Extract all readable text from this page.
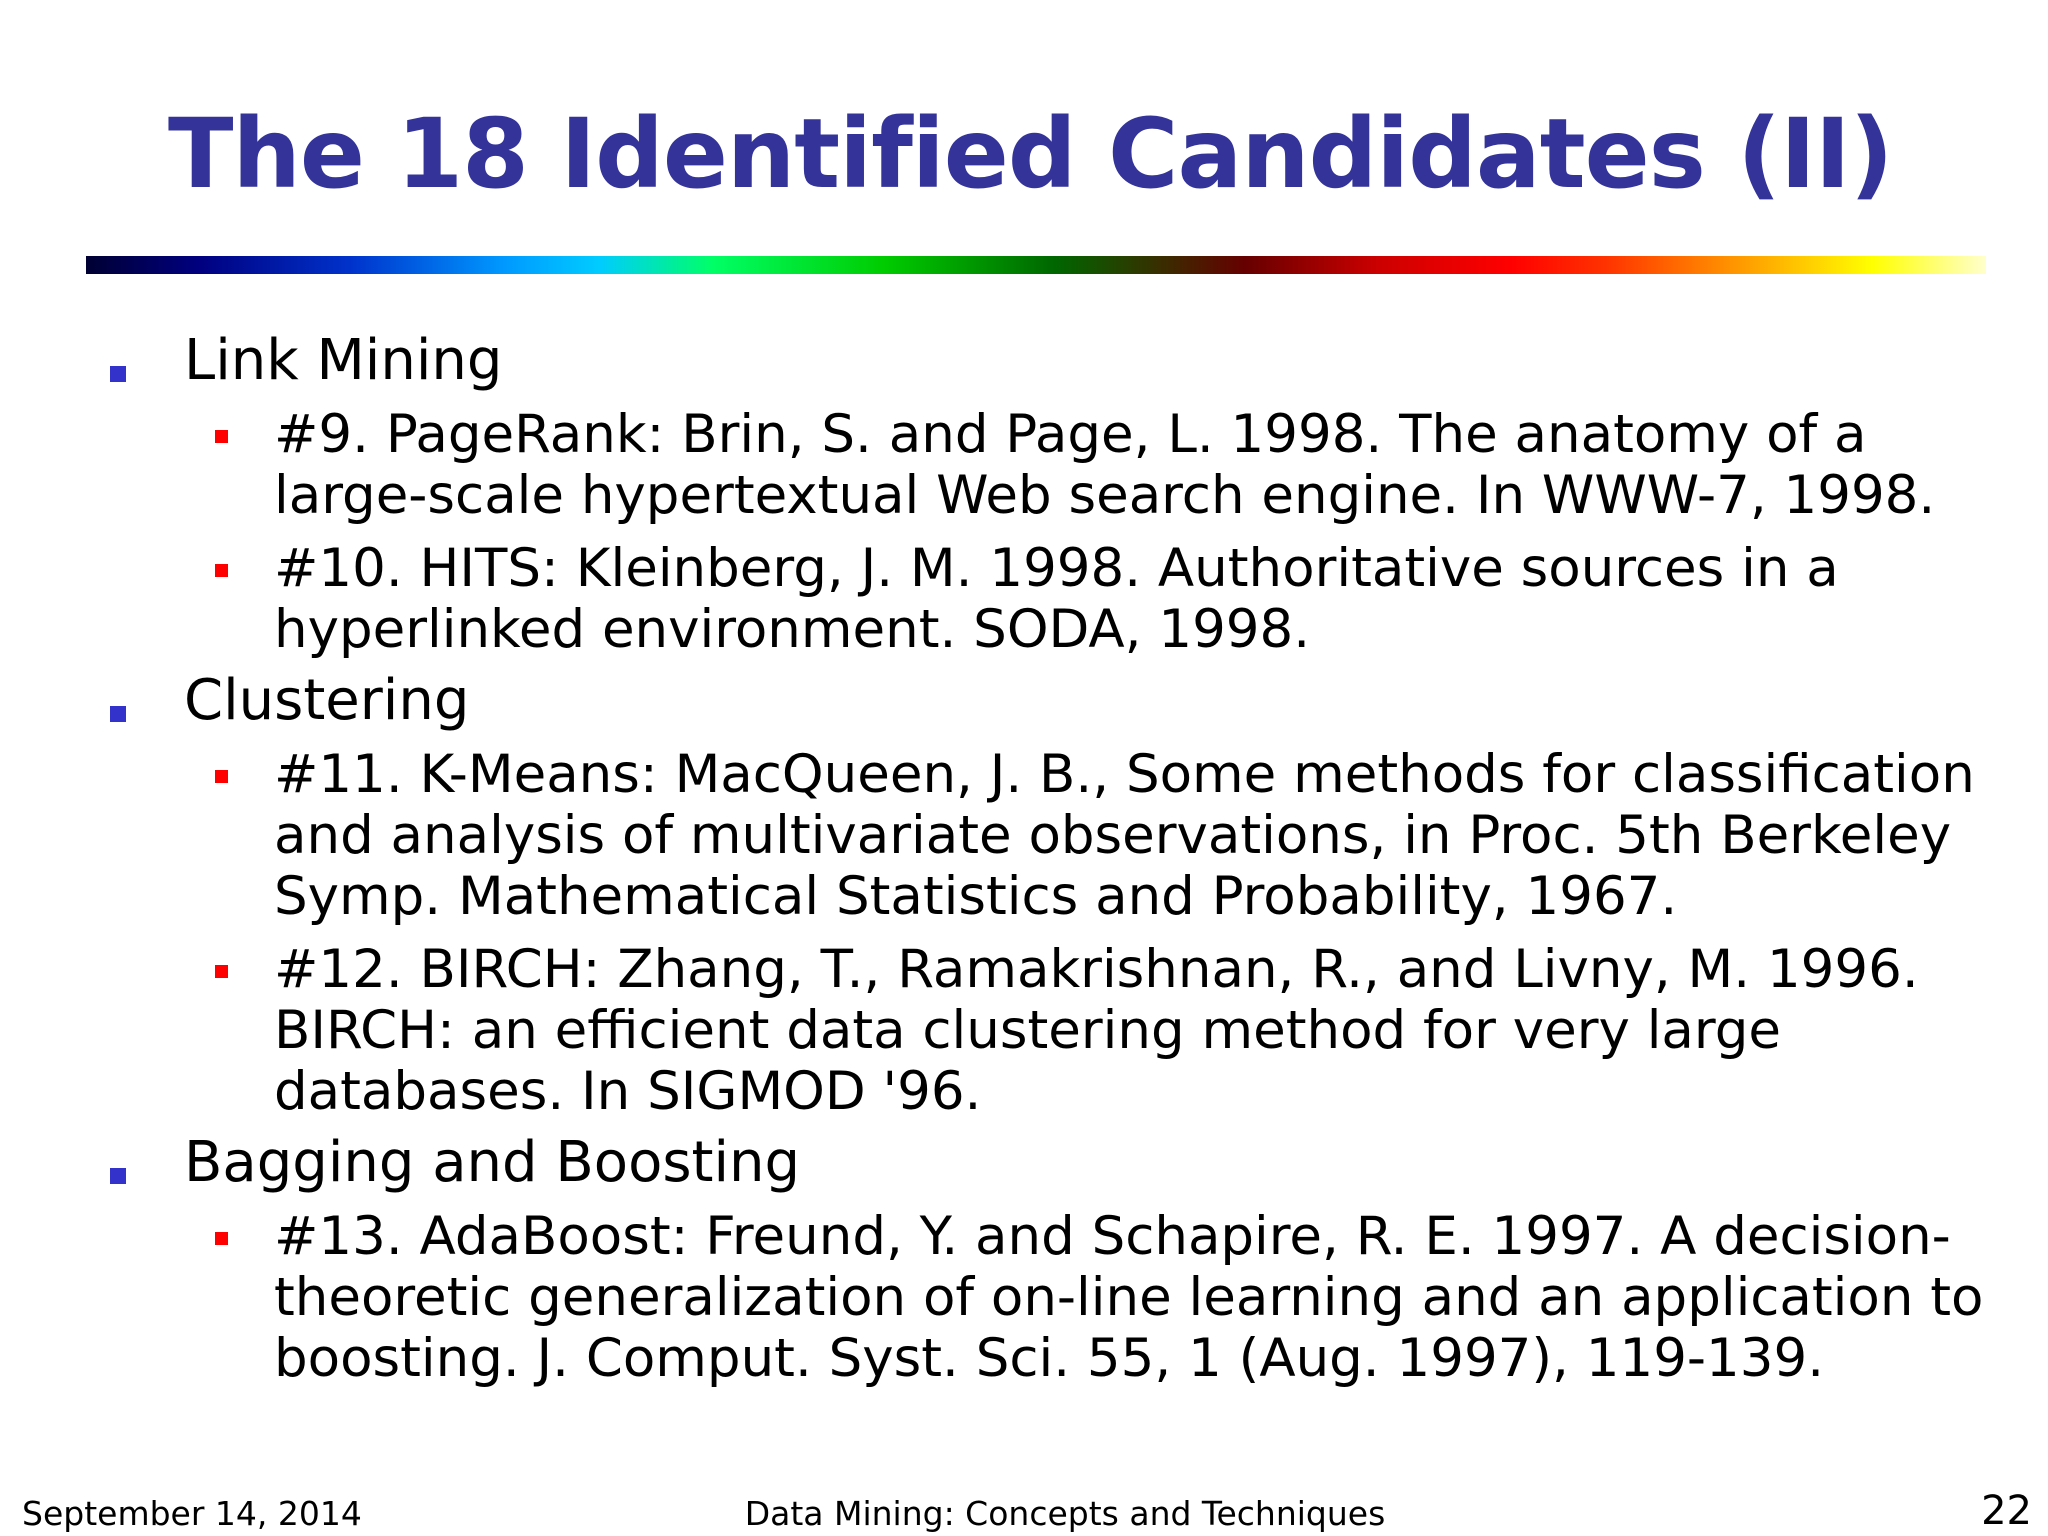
The 18 Identified Candidates (II)
Link Mining
#9. PageRank: Brin, S. and Page, L. 1998. The anatomy of a large-scale hypertextual Web search engine. In WWW-7, 1998.
#10. HITS: Kleinberg, J. M. 1998. Authoritative sources in a hyperlinked environment. SODA, 1998.
Clustering
#11. K-Means: MacQueen, J. B., Some methods for classification and analysis of multivariate observations, in Proc. 5th Berkeley Symp. Mathematical Statistics and Probability, 1967.
#12. BIRCH: Zhang, T., Ramakrishnan, R., and Livny, M. 1996. BIRCH: an efficient data clustering method for very large databases. In SIGMOD '96.
Bagging and Boosting
#13. AdaBoost: Freund, Y. and Schapire, R. E. 1997. A decision-theoretic generalization of on-line learning and an application to boosting. J. Comput. Syst. Sci. 55, 1 (Aug. 1997), 119-139.
September 14, 2014	Data Mining: Concepts and Techniques	22
